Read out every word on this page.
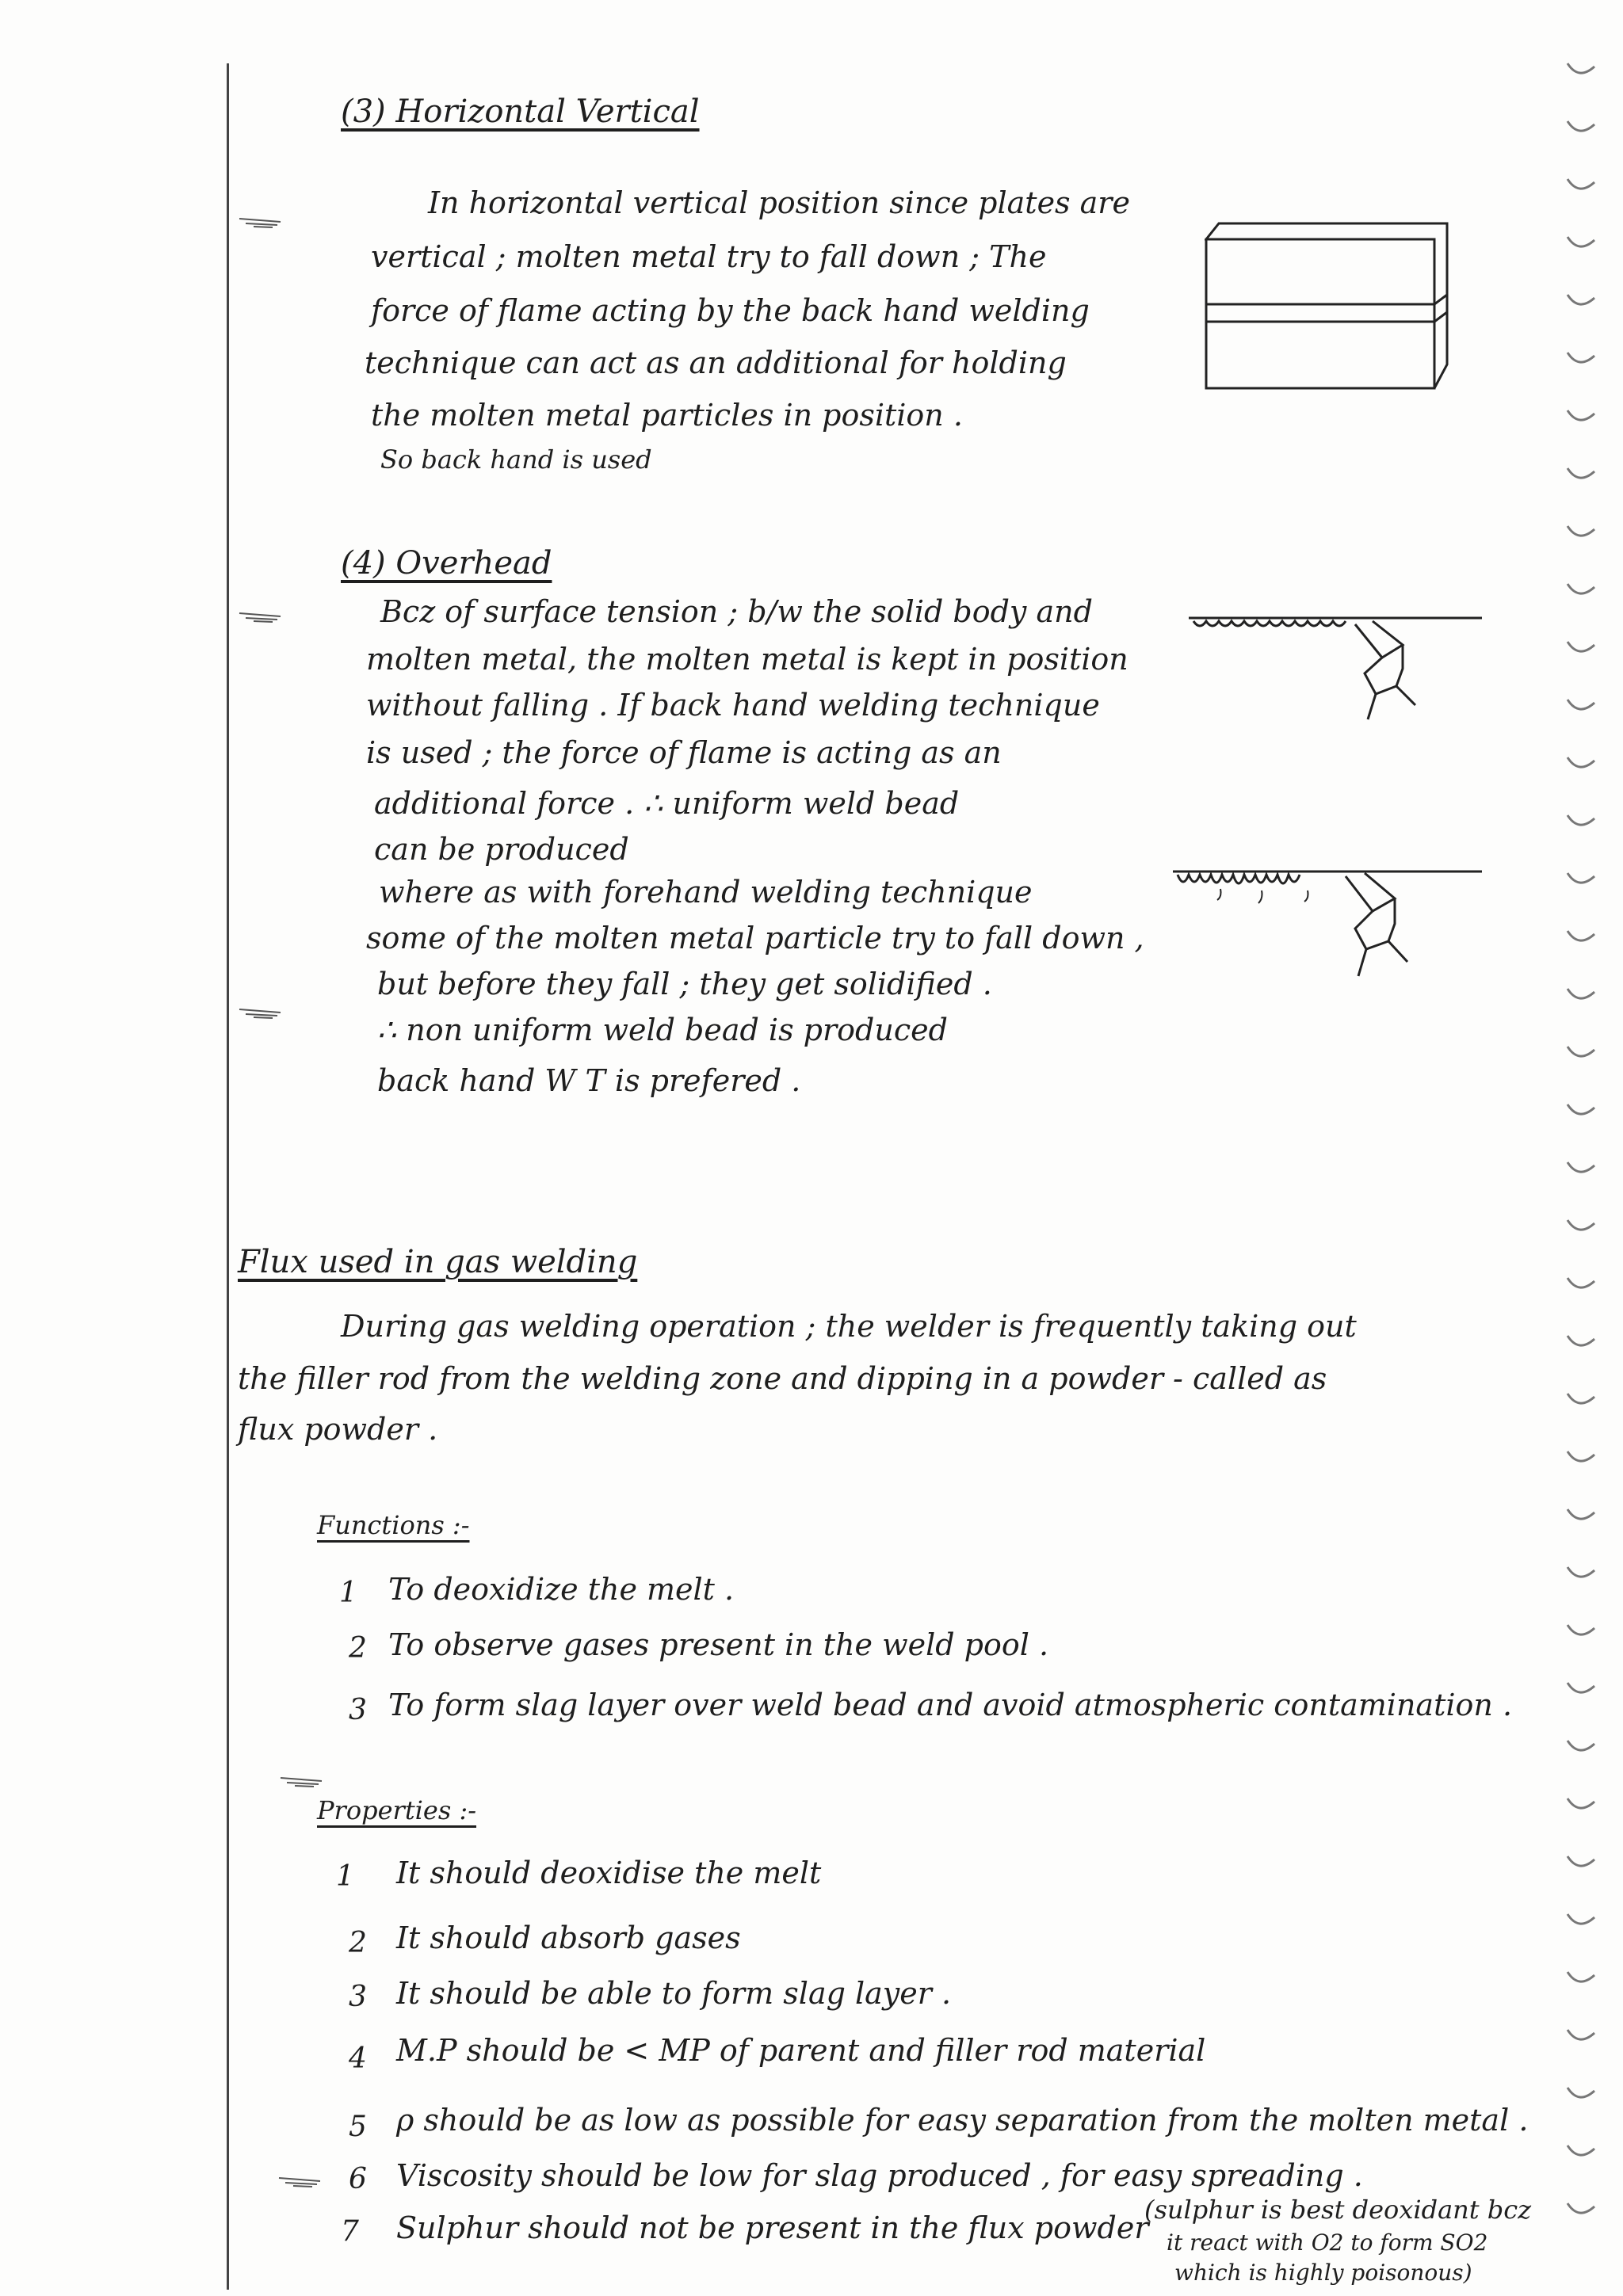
(3) Horizontal Vertical

In horizontal vertical position since plates are

vertical ; molten metal try to fall down ; The

force of flame acting by the back hand welding

technique can act as an additional for holding

the molten metal particles in position .

So back hand is used

(4) Overhead

Bcz of surface tension ; b/w the solid body and

molten metal, the molten metal is kept in position

without falling . If back hand welding technique

is used ; the force of flame is acting as an

additional force . ∴ uniform weld bead

can be produced

where as with forehand welding technique

some of the molten metal particle try to fall down ,

but before they fall ; they get solidified .

∴ non uniform weld bead is produced

back hand W T is prefered .

Flux used in gas welding

During gas welding operation ; the welder is frequently taking out

the filler rod from the welding zone and dipping in a powder - called as

flux powder .

Functions :-

1 To deoxidize the melt .

2 To observe gases present in the weld pool .

3 To form slag layer over weld bead and avoid atmospheric contamination .

Properties :-

1 It should deoxidise the melt

2 It should absorb gases

3 It should be able to form slag layer .

4 M.P should be < MP of parent and filler rod material

5 ρ should be as low as possible for easy separation from the molten metal .

6 Viscosity should be low for slag produced , for easy spreading .

7 Sulphur should not be present in the flux powder

(sulphur is best deoxidant bcz

it react with O2 to form SO2

which is highly poisonous)
